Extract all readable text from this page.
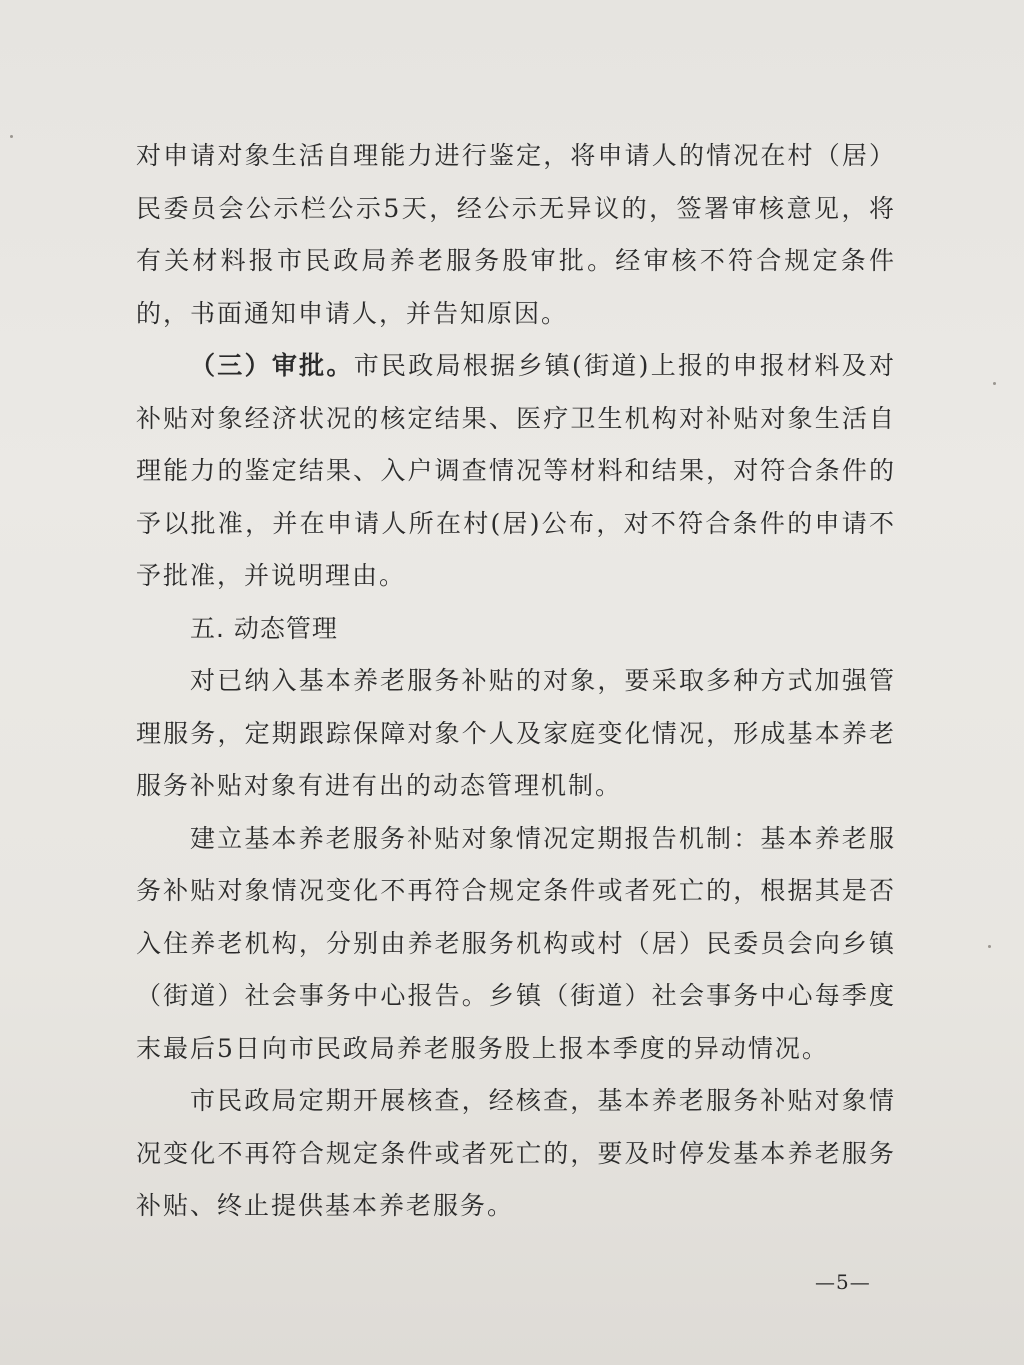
对申请对象生活自理能力进行鉴定，将申请人的情况在村（居）民委员会公示栏公示5天，经公示无异议的，签署审核意见，将有关材料报市民政局养老服务股审批。经审核不符合规定条件的，书面通知申请人，并告知原因。

（三）审批。市民政局根据乡镇(街道)上报的申报材料及对补贴对象经济状况的核定结果、医疗卫生机构对补贴对象生活自理能力的鉴定结果、入户调查情况等材料和结果，对符合条件的予以批准，并在申请人所在村(居)公布，对不符合条件的申请不予批准，并说明理由。

五. 动态管理

对已纳入基本养老服务补贴的对象，要采取多种方式加强管理服务，定期跟踪保障对象个人及家庭变化情况，形成基本养老服务补贴对象有进有出的动态管理机制。

建立基本养老服务补贴对象情况定期报告机制：基本养老服务补贴对象情况变化不再符合规定条件或者死亡的，根据其是否入住养老机构，分别由养老服务机构或村（居）民委员会向乡镇（街道）社会事务中心报告。乡镇（街道）社会事务中心每季度末最后5日向市民政局养老服务股上报本季度的异动情况。

市民政局定期开展核查，经核查，基本养老服务补贴对象情况变化不再符合规定条件或者死亡的，要及时停发基本养老服务补贴、终止提供基本养老服务。

—5—
